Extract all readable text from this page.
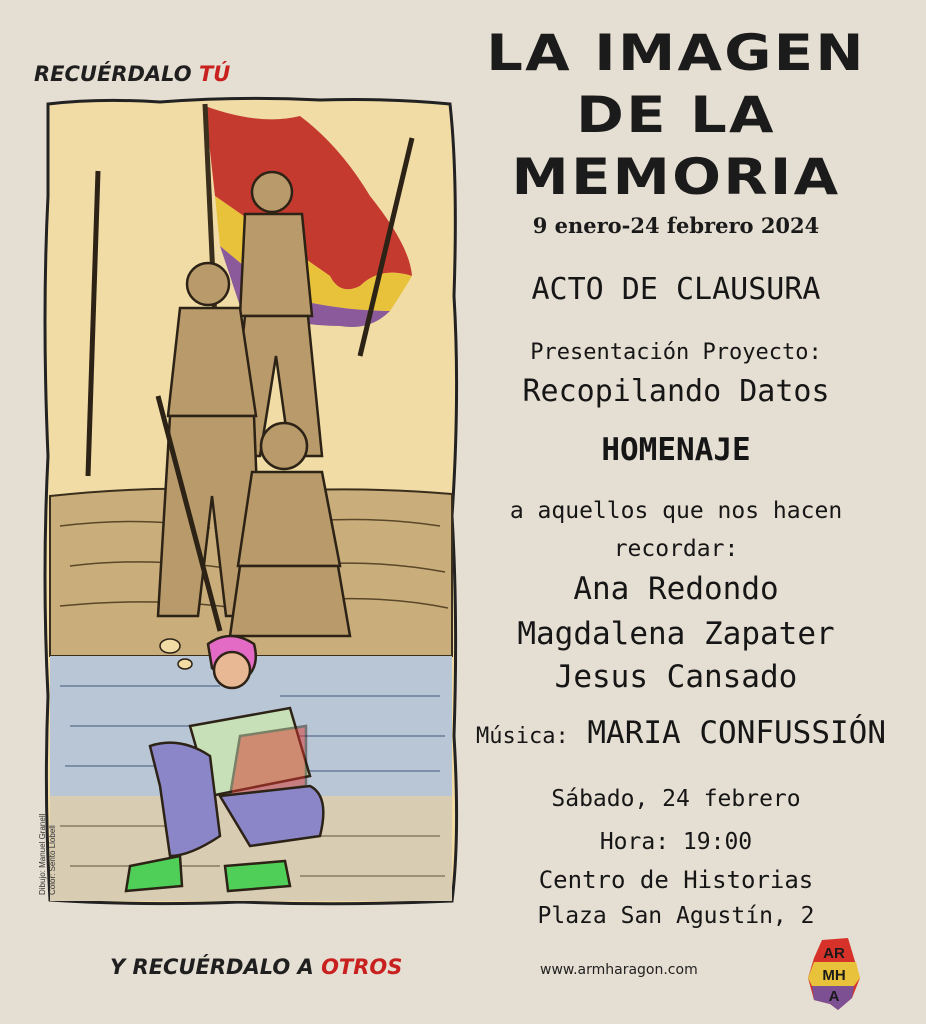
RECUÉRDALO TÚ
Dibujo: Manuel Granell Color: Sento Llobell
Y RECUÉRDALO A OTROS
LA IMAGEN
DE LA
MEMORIA
9 enero-24 febrero 2024
ACTO DE CLAUSURA
Presentación Proyecto:
Recopilando Datos
HOMENAJE
a aquellos que nos hacen
recordar:
Ana Redondo
Magdalena Zapater
Jesus Cansado
Música: MARIA CONFUSSIÓN
Sábado, 24 febrero
Hora: 19:00
Centro de Historias
Plaza San Agustín, 2
www.armharagon.com
AR
MH
A
